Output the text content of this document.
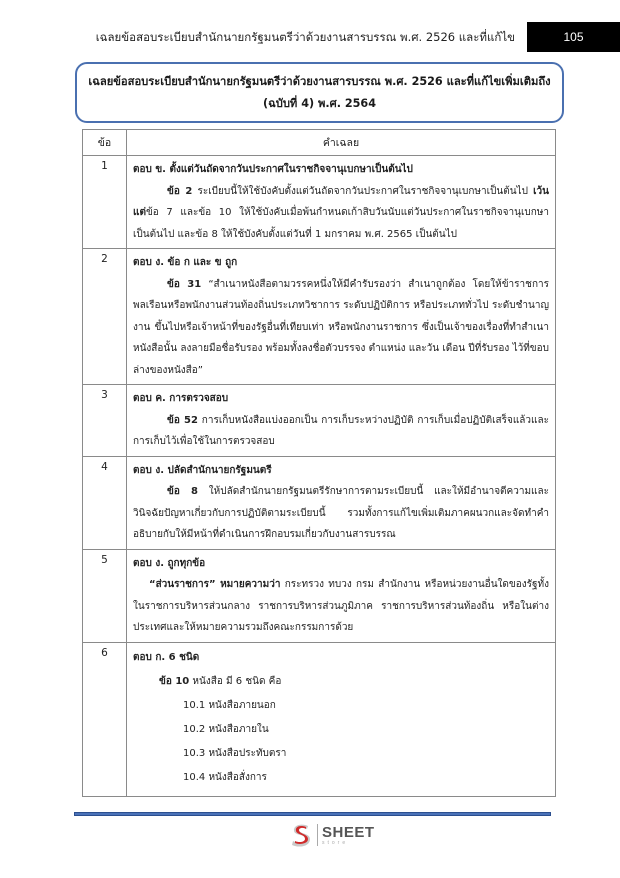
เฉลยข้อสอบระเบียบสำนักนายกรัฐมนตรีว่าด้วยงานสารบรรณ พ.ศ. 2526 และที่แก้ไข	105
เฉลยข้อสอบระเบียบสำนักนายกรัฐมนตรีว่าด้วยงานสารบรรณ พ.ศ. 2526 และที่แก้ไขเพิ่มเติมถึง
(ฉบับที่ 4) พ.ศ. 2564
ข้อ	คำเฉลย
1	ตอบ ข. ตั้งแต่วันถัดจากวันประกาศในราชกิจจานุเบกษาเป็นต้นไป
ข้อ 2 ระเบียบนี้ให้ใช้บังคับตั้งแต่วันถัดจากวันประกาศในราชกิจจานุเบกษาเป็นต้นไป เว้นแต่ข้อ 7 และข้อ 10 ให้ใช้บังคับเมื่อพ้นกำหนดเก้าสิบวันนับแต่วันประกาศในราชกิจจานุเบกษาเป็นต้นไป และข้อ 8 ให้ใช้บังคับตั้งแต่วันที่ 1 มกราคม พ.ศ. 2565 เป็นต้นไป

2	ตอบ ง. ข้อ ก และ ข ถูก
ข้อ 31 “สำเนาหนังสือตามวรรคหนึ่งให้มีคำรับรองว่า สำเนาถูกต้อง โดยให้ข้าราชการพลเรือนหรือพนักงานส่วนท้องถิ่นประเภทวิชาการ ระดับปฏิบัติการ หรือประเภททั่วไป ระดับชำนาญงาน ขึ้นไปหรือเจ้าหน้าที่ของรัฐอื่นที่เทียบเท่า หรือพนักงานราชการ ซึ่งเป็นเจ้าของเรื่องที่ทำสำเนาหนังสือนั้น ลงลายมือชื่อรับรอง พร้อมทั้งลงชื่อตัวบรรจง ตำแหน่ง และวัน เดือน ปีที่รับรอง ไว้ที่ขอบล่างของหนังสือ”

3	ตอบ ค. การตรวจสอบ
ข้อ 52 การเก็บหนังสือแบ่งออกเป็น การเก็บระหว่างปฏิบัติ การเก็บเมื่อปฏิบัติเสร็จแล้วและการเก็บไว้เพื่อใช้ในการตรวจสอบ

4	ตอบ ง. ปลัดสำนักนายกรัฐมนตรี
ข้อ 8 ให้ปลัดสำนักนายกรัฐมนตรีรักษาการตามระเบียบนี้ และให้มีอำนาจตีความและวินิจฉัยปัญหาเกี่ยวกับการปฏิบัติตามระเบียบนี้ รวมทั้งการแก้ไขเพิ่มเติมภาคผนวกและจัดทำคำอธิบายกับให้มีหน้าที่ดำเนินการฝึกอบรมเกี่ยวกับงานสารบรรณ

5	ตอบ ง. ถูกทุกข้อ
“ส่วนราชการ” หมายความว่า กระทรวง ทบวง กรม สำนักงาน หรือหน่วยงานอื่นใดของรัฐทั้งในราชการบริหารส่วนกลาง ราชการบริหารส่วนภูมิภาค ราชการบริหารส่วนท้องถิ่น หรือในต่างประเทศและให้หมายความรวมถึงคณะกรรมการด้วย

6	ตอบ ก. 6 ชนิด
ข้อ 10 หนังสือ มี 6 ชนิด คือ
10.1 หนังสือภายนอก
10.2 หนังสือภายใน
10.3 หนังสือประทับตรา
10.4 หนังสือสั่งการ
SHEET
store
